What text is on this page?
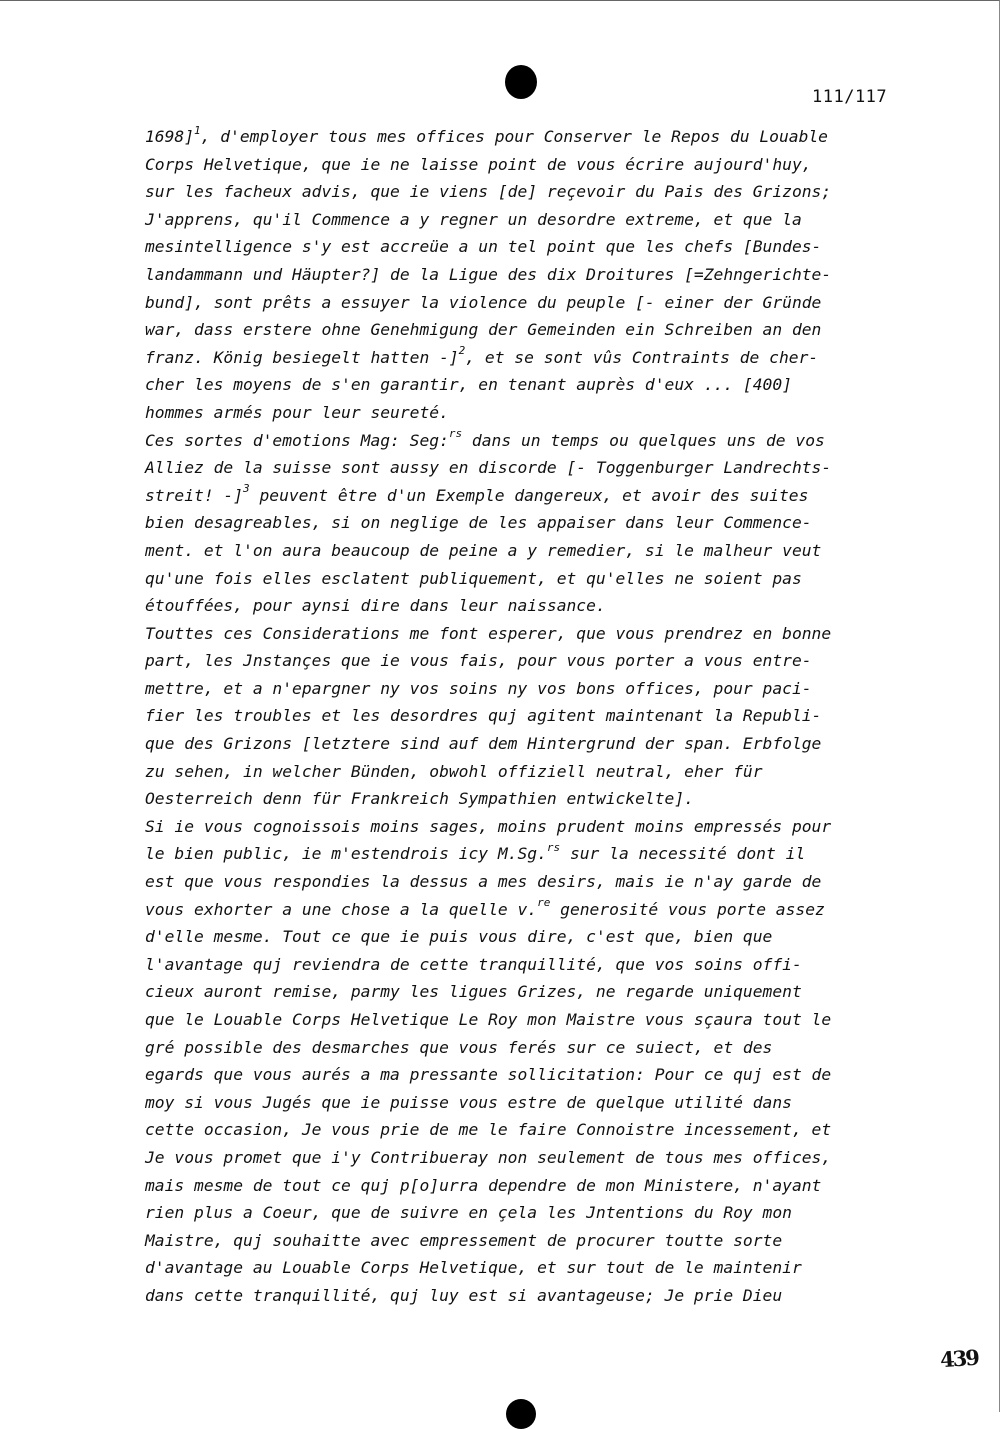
111/117
1698]$^1$, d'employer tous mes offices pour Conserver le Repos du Louable
Corps Helvetique, que ie ne laisse point de vous écrire aujourd'huy,
sur les facheux advis, que ie viens [de] reçevoir du Pais des Grizons;
J'apprens, qu'il Commence a y regner un desordre extreme, et que la
mesintelligence s'y est accreüe a un tel point que les chefs [Bundes-
landammann und Häupter?] de la Ligue des dix Droitures [=Zehngerichte-
bund], sont prêts a essuyer la violence du peuple [- einer der Gründe
war, dass erstere ohne Genehmigung der Gemeinden ein Schreiben an den
franz. König besiegelt hatten -]$^2$, et se sont vûs Contraints de cher-
cher les moyens de s'en garantir, en tenant auprès d'eux ... [400]
hommes armés pour leur seureté.
Ces sortes d'emotions Mag: Seg:$^{rs}$ dans un temps ou quelques uns de vos
Alliez de la suisse sont aussy en discorde [- Toggenburger Landrechts-
streit! -]$^3$ peuvent être d'un Exemple dangereux, et avoir des suites
bien desagreables, si on neglige de les appaiser dans leur Commence-
ment. et l'on aura beaucoup de peine a y remedier, si le malheur veut
qu'une fois elles esclatent publiquement, et qu'elles ne soient pas
étouffées, pour aynsi dire dans leur naissance.
Touttes ces Considerations me font esperer, que vous prendrez en bonne
part, les Jnstançes que ie vous fais, pour vous porter a vous entre-
mettre, et a n'epargner ny vos soins ny vos bons offices, pour paci-
fier les troubles et les desordres quj agitent maintenant la Republi-
que des Grizons [letztere sind auf dem Hintergrund der span. Erbfolge
zu sehen, in welcher Bünden, obwohl offiziell neutral, eher für
Oesterreich denn für Frankreich Sympathien entwickelte].
Si ie vous cognoissois moins sages, moins prudent moins empressés pour
le bien public, ie m'estendrois icy M.Sg.$^{rs}$ sur la necessité dont il
est que vous respondies la dessus a mes desirs, mais ie n'ay garde de
vous exhorter a une chose a la quelle v.$^{re}$ generosité vous porte assez
d'elle mesme. Tout ce que ie puis vous dire, c'est que, bien que
l'avantage quj reviendra de cette tranquillité, que vos soins offi-
cieux auront remise, parmy les ligues Grizes, ne regarde uniquement
que le Louable Corps Helvetique Le Roy mon Maistre vous sçaura tout le
gré possible des desmarches que vous ferés sur ce suiect, et des
egards que vous aurés a ma pressante sollicitation: Pour ce quj est de
moy si vous Jugés que ie puisse vous estre de quelque utilité dans
cette occasion, Je vous prie de me le faire Connoistre incessement, et
Je vous promet que i'y Contribueray non seulement de tous mes offices,
mais mesme de tout ce quj p[o]urra dependre de mon Ministere, n'ayant
rien plus a Coeur, que de suivre en çela les Jntentions du Roy mon
Maistre, quj souhaitte avec empressement de procurer toutte sorte
d'avantage au Louable Corps Helvetique, et sur tout de le maintenir
dans cette tranquillité, quj luy est si avantageuse; Je prie Dieu
439
